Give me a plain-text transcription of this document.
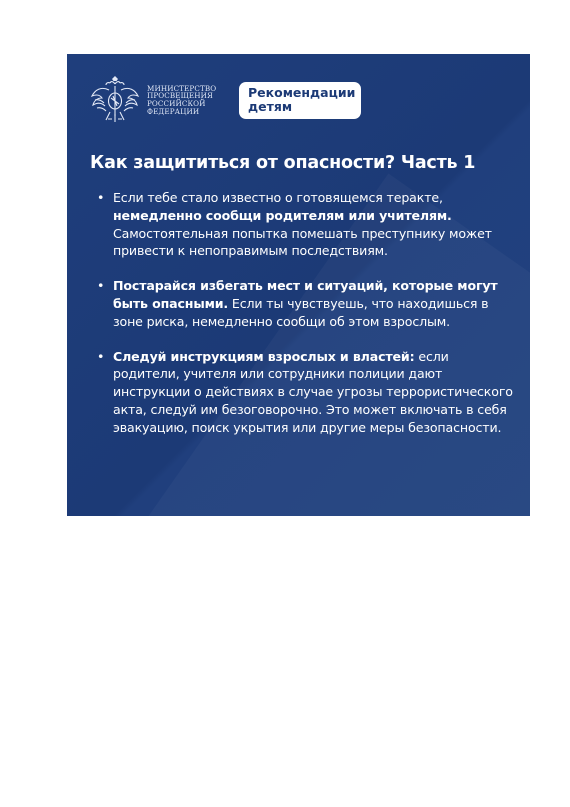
МИНИСТЕРСТВО
ПРОСВЕЩЕНИЯ
РОССИЙСКОЙ
ФЕДЕРАЦИИ
Рекомендации
детям
Как защититься от опасности? Часть 1
• Если тебе стало известно о готовящемся теракте, немедленно сообщи родителям или учителям. Самостоятельная попытка помешать преступнику может привести к непоправимым последствиям.
• Постарайся избегать мест и ситуаций, которые могут быть опасными. Если ты чувствуешь, что находишься в зоне риска, немедленно сообщи об этом взрослым.
• Следуй инструкциям взрослых и властей: если родители, учителя или сотрудники полиции дают инструкции о действиях в случае угрозы террористического акта, следуй им безоговорочно. Это может включать в себя эвакуацию, поиск укрытия или другие меры безопасности.
